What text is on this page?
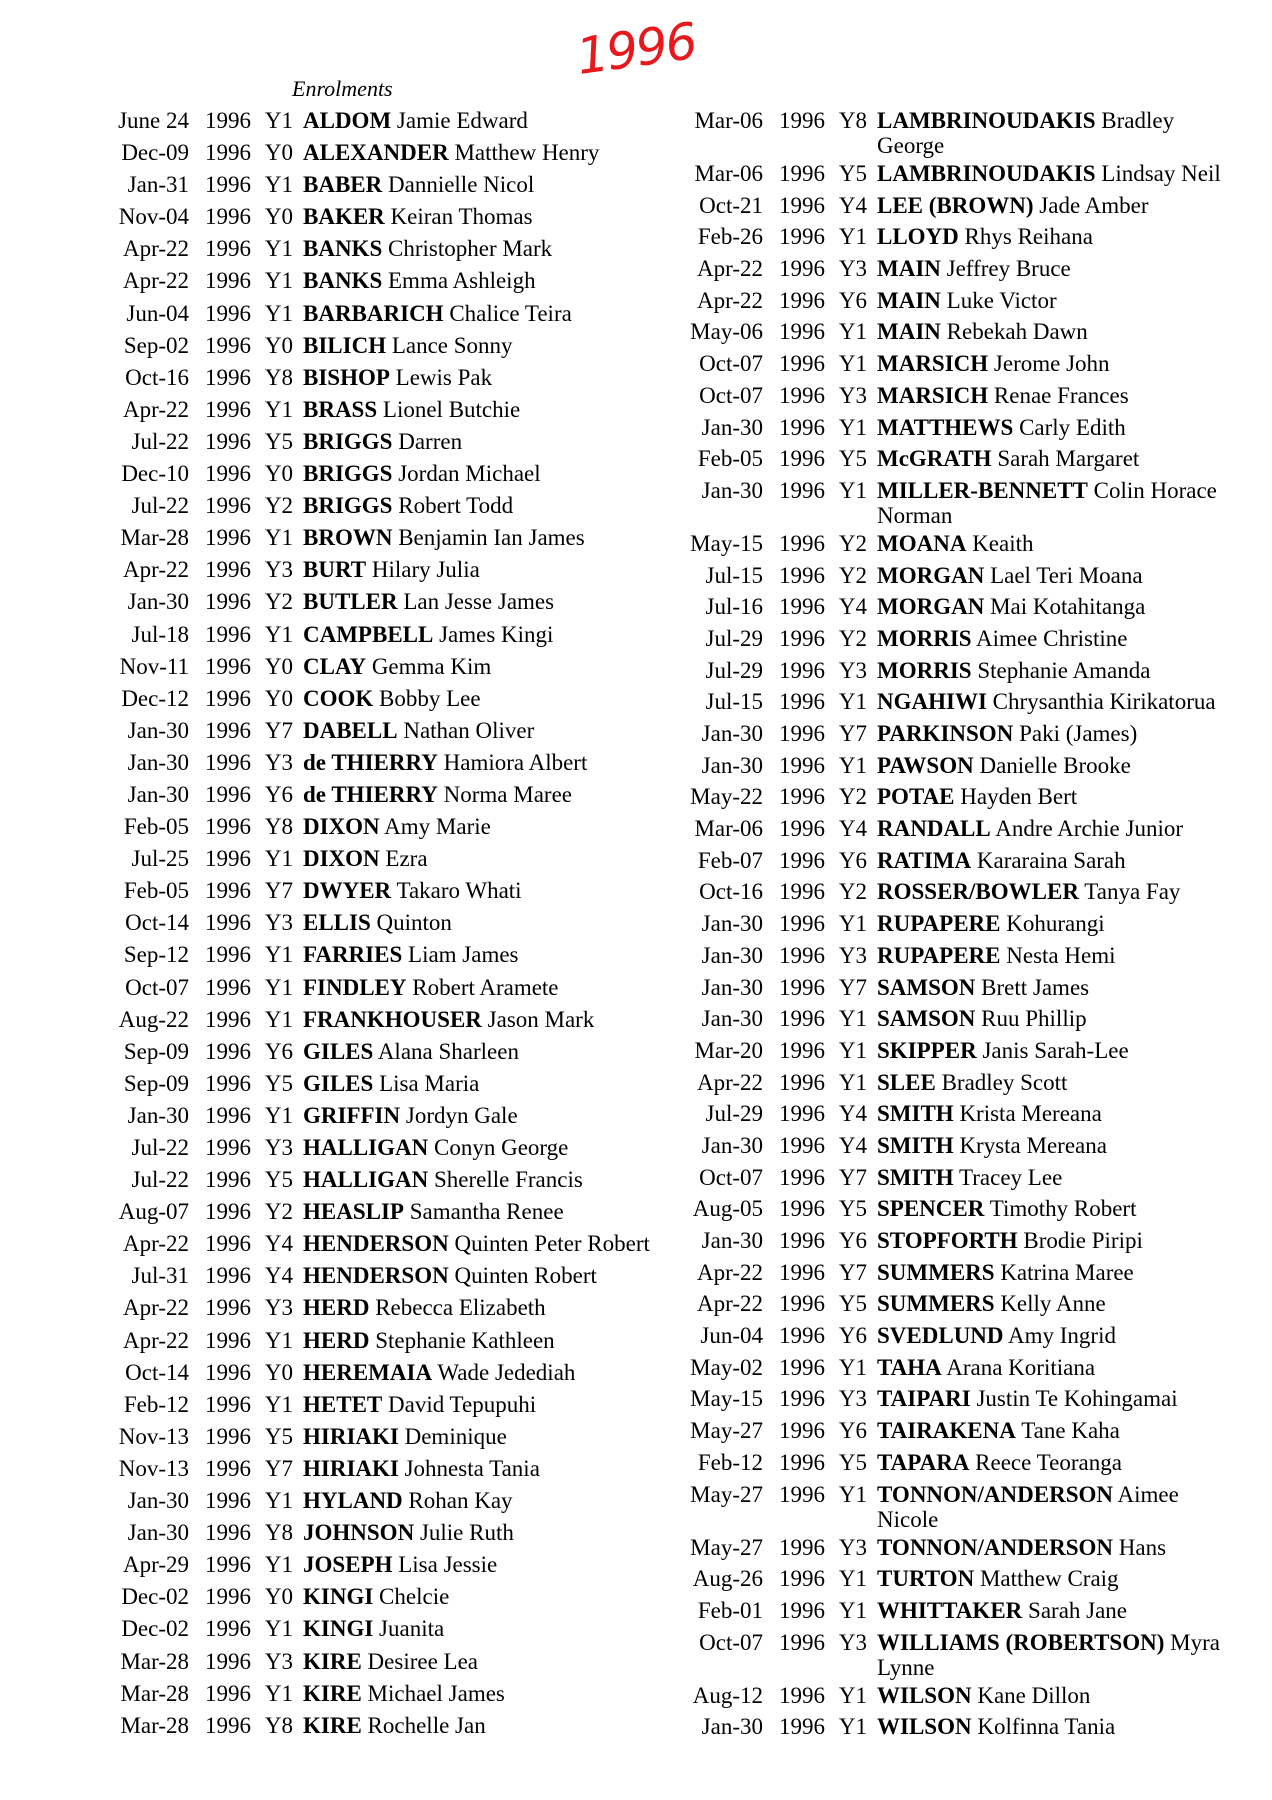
1996
Enrolments
June 24 1996 Y1 ALDOM Jamie Edward
Dec-09 1996 Y0 ALEXANDER Matthew Henry
Jan-31 1996 Y1 BABER Dannielle Nicol
Nov-04 1996 Y0 BAKER Keiran Thomas
Apr-22 1996 Y1 BANKS Christopher Mark
Apr-22 1996 Y1 BANKS Emma Ashleigh
Jun-04 1996 Y1 BARBARICH Chalice Teira
Sep-02 1996 Y0 BILICH Lance Sonny
Oct-16 1996 Y8 BISHOP Lewis Pak
Apr-22 1996 Y1 BRASS Lionel Butchie
Jul-22 1996 Y5 BRIGGS Darren
Dec-10 1996 Y0 BRIGGS Jordan Michael
Jul-22 1996 Y2 BRIGGS Robert Todd
Mar-28 1996 Y1 BROWN Benjamin Ian James
Apr-22 1996 Y3 BURT Hilary Julia
Jan-30 1996 Y2 BUTLER Lan Jesse James
Jul-18 1996 Y1 CAMPBELL James Kingi
Nov-11 1996 Y0 CLAY Gemma Kim
Dec-12 1996 Y0 COOK Bobby Lee
Jan-30 1996 Y7 DABELL Nathan Oliver
Jan-30 1996 Y3 de THIERRY Hamiora Albert
Jan-30 1996 Y6 de THIERRY Norma Maree
Feb-05 1996 Y8 DIXON Amy Marie
Jul-25 1996 Y1 DIXON Ezra
Feb-05 1996 Y7 DWYER Takaro Whati
Oct-14 1996 Y3 ELLIS Quinton
Sep-12 1996 Y1 FARRIES Liam James
Oct-07 1996 Y1 FINDLEY Robert Aramete
Aug-22 1996 Y1 FRANKHOUSER Jason Mark
Sep-09 1996 Y6 GILES Alana Sharleen
Sep-09 1996 Y5 GILES Lisa Maria
Jan-30 1996 Y1 GRIFFIN Jordyn Gale
Jul-22 1996 Y3 HALLIGAN Conyn George
Jul-22 1996 Y5 HALLIGAN Sherelle Francis
Aug-07 1996 Y2 HEASLIP Samantha Renee
Apr-22 1996 Y4 HENDERSON Quinten Peter Robert
Jul-31 1996 Y4 HENDERSON Quinten Robert
Apr-22 1996 Y3 HERD Rebecca Elizabeth
Apr-22 1996 Y1 HERD Stephanie Kathleen
Oct-14 1996 Y0 HEREMAIA Wade Jedediah
Feb-12 1996 Y1 HETET David Tepupuhi
Nov-13 1996 Y5 HIRIAKI Deminique
Nov-13 1996 Y7 HIRIAKI Johnesta Tania
Jan-30 1996 Y1 HYLAND Rohan Kay
Jan-30 1996 Y8 JOHNSON Julie Ruth
Apr-29 1996 Y1 JOSEPH Lisa Jessie
Dec-02 1996 Y0 KINGI Chelcie
Dec-02 1996 Y1 KINGI Juanita
Mar-28 1996 Y3 KIRE Desiree Lea
Mar-28 1996 Y1 KIRE Michael James
Mar-28 1996 Y8 KIRE Rochelle Jan
Mar-06 1996 Y8 LAMBRINOUDAKIS Bradley George
Mar-06 1996 Y5 LAMBRINOUDAKIS Lindsay Neil
Oct-21 1996 Y4 LEE (BROWN) Jade Amber
Feb-26 1996 Y1 LLOYD Rhys Reihana
Apr-22 1996 Y3 MAIN Jeffrey Bruce
Apr-22 1996 Y6 MAIN Luke Victor
May-06 1996 Y1 MAIN Rebekah Dawn
Oct-07 1996 Y1 MARSICH Jerome John
Oct-07 1996 Y3 MARSICH Renae Frances
Jan-30 1996 Y1 MATTHEWS Carly Edith
Feb-05 1996 Y5 McGRATH Sarah Margaret
Jan-30 1996 Y1 MILLER-BENNETT Colin Horace Norman
May-15 1996 Y2 MOANA Keaith
Jul-15 1996 Y2 MORGAN Lael Teri Moana
Jul-16 1996 Y4 MORGAN Mai Kotahitanga
Jul-29 1996 Y2 MORRIS Aimee Christine
Jul-29 1996 Y3 MORRIS Stephanie Amanda
Jul-15 1996 Y1 NGAHIWI Chrysanthia Kirikatorua
Jan-30 1996 Y7 PARKINSON Paki (James)
Jan-30 1996 Y1 PAWSON Danielle Brooke
May-22 1996 Y2 POTAE Hayden Bert
Mar-06 1996 Y4 RANDALL Andre Archie Junior
Feb-07 1996 Y6 RATIMA Kararaina Sarah
Oct-16 1996 Y2 ROSSER/BOWLER Tanya Fay
Jan-30 1996 Y1 RUPAPERE Kohurangi
Jan-30 1996 Y3 RUPAPERE Nesta Hemi
Jan-30 1996 Y7 SAMSON Brett James
Jan-30 1996 Y1 SAMSON Ruu Phillip
Mar-20 1996 Y1 SKIPPER Janis Sarah-Lee
Apr-22 1996 Y1 SLEE Bradley Scott
Jul-29 1996 Y4 SMITH Krista Mereana
Jan-30 1996 Y4 SMITH Krysta Mereana
Oct-07 1996 Y7 SMITH Tracey Lee
Aug-05 1996 Y5 SPENCER Timothy Robert
Jan-30 1996 Y6 STOPFORTH Brodie Piripi
Apr-22 1996 Y7 SUMMERS Katrina Maree
Apr-22 1996 Y5 SUMMERS Kelly Anne
Jun-04 1996 Y6 SVEDLUND Amy Ingrid
May-02 1996 Y1 TAHA Arana Koritiana
May-15 1996 Y3 TAIPARI Justin Te Kohingamai
May-27 1996 Y6 TAIRAKENA Tane Kaha
Feb-12 1996 Y5 TAPARA Reece Teoranga
May-27 1996 Y1 TONNON/ANDERSON Aimee Nicole
May-27 1996 Y3 TONNON/ANDERSON Hans
Aug-26 1996 Y1 TURTON Matthew Craig
Feb-01 1996 Y1 WHITTAKER Sarah Jane
Oct-07 1996 Y3 WILLIAMS (ROBERTSON) Myra Lynne
Aug-12 1996 Y1 WILSON Kane Dillon
Jan-30 1996 Y1 WILSON Kolfinna Tania
